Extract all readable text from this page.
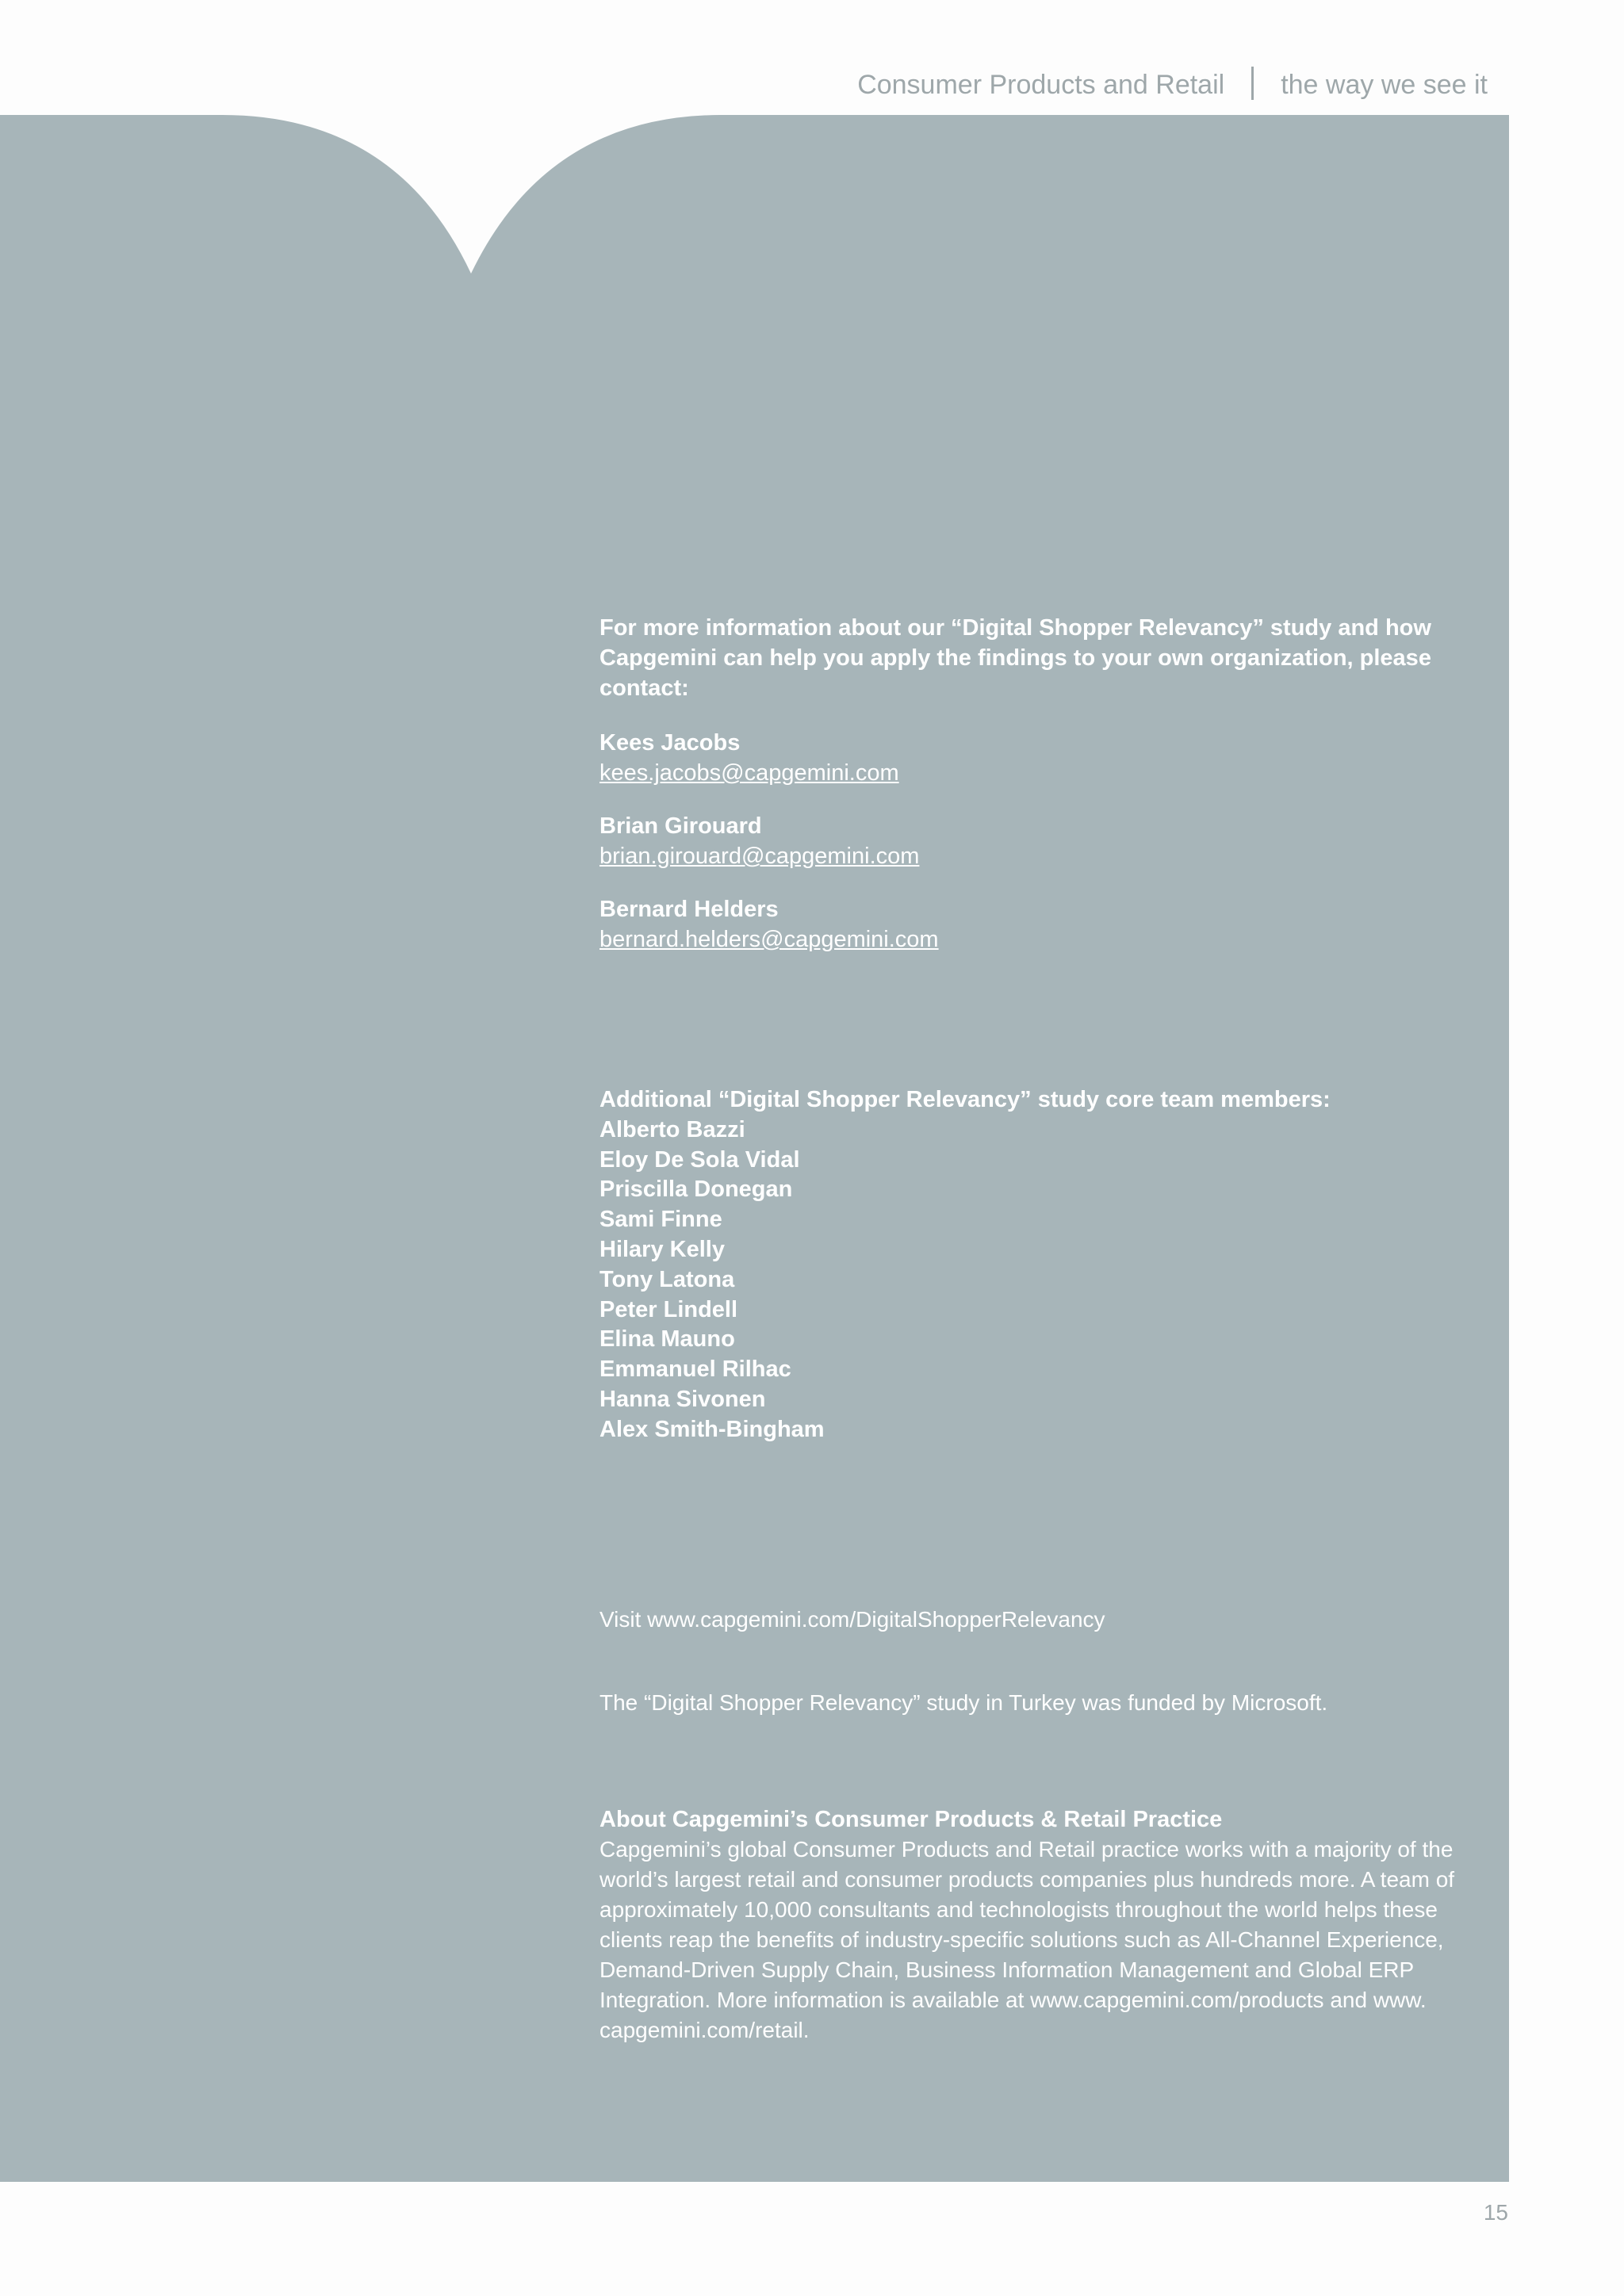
Consumer Products and Retail the way we see it
For more information about our “Digital Shopper Relevancy” study and how Capgemini can help you apply the findings to your own organization, please contact:
Kees Jacobs
kees.jacobs@capgemini.com
Brian Girouard
brian.girouard@capgemini.com
Bernard Helders
bernard.helders@capgemini.com
Additional “Digital Shopper Relevancy” study core team members:
Alberto Bazzi
Eloy De Sola Vidal
Priscilla Donegan
Sami Finne
Hilary Kelly
Tony Latona
Peter Lindell
Elina Mauno
Emmanuel Rilhac
Hanna Sivonen
Alex Smith-Bingham
Visit www.capgemini.com/DigitalShopperRelevancy
The “Digital Shopper Relevancy” study in Turkey was funded by Microsoft.
About Capgemini’s Consumer Products & Retail Practice
Capgemini’s global Consumer Products and Retail practice works with a majority of the world’s largest retail and consumer products companies plus hundreds more. A team of approximately 10,000 consultants and technologists throughout the world helps these clients reap the benefits of industry-specific solutions such as All-Channel Experience, Demand-Driven Supply Chain, Business Information Management and Global ERP Integration. More information is available at www.capgemini.com/products and www. capgemini.com/retail.
15
